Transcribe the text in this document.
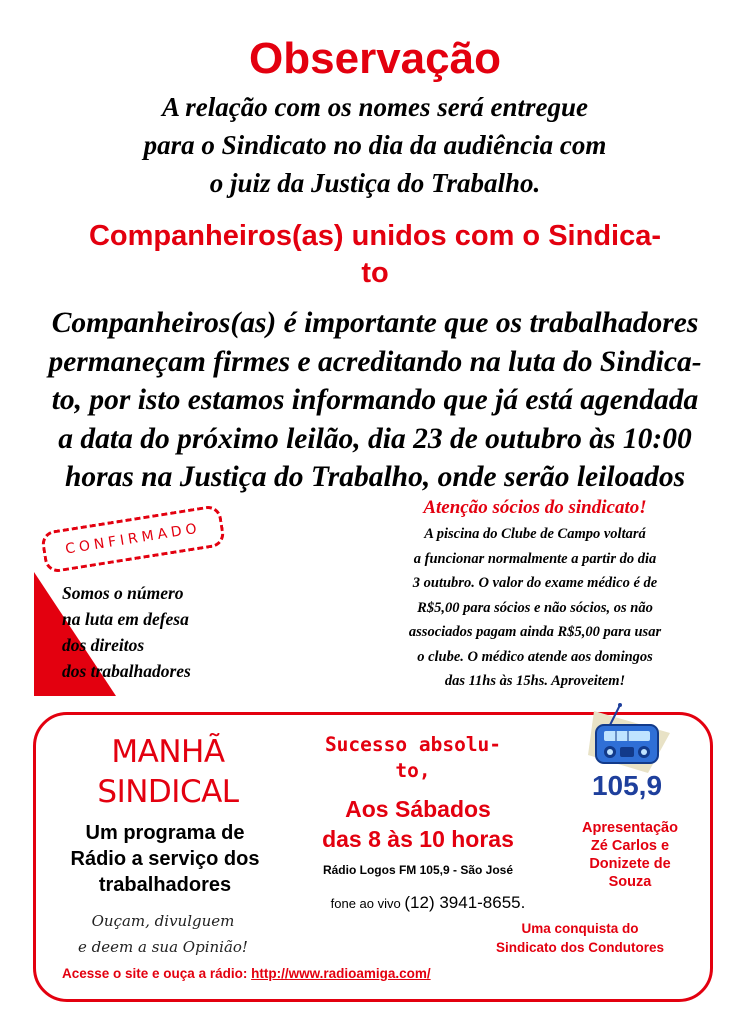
Observação
A relação com os nomes será entregue
para o Sindicato no dia da audiência com
o juiz da Justiça do Trabalho.
Companheiros(as) unidos com o Sindica-
to
Companheiros(as) é importante que os trabalhadores
permaneçam firmes e acreditando na luta do Sindica-
to, por isto estamos informando que já está agendada
a data do próximo leilão, dia 23 de outubro às 10:00
horas na Justiça do Trabalho, onde serão leiloados
CONFIRMADO
Somos o número
na luta em defesa
dos direitos
dos trabalhadores
Atenção sócios do sindicato!
A piscina do Clube de Campo voltará
a funcionar normalmente a partir do dia
3 outubro. O valor do exame médico é de
R$5,00 para sócios e não sócios, os não
associados pagam ainda R$5,00 para usar
o clube. O médico atende aos domingos
das 11hs às 15hs. Aproveitem!
MANHÃ
SINDICAL
Um programa de
Rádio a serviço dos
trabalhadores
Ouçam, divulguem
e deem a sua Opinião!
Acesse o site e ouça a rádio: http://www.radioamiga.com/
Sucesso absolu-
to,
Aos Sábados
das 8 às 10 horas
Rádio Logos FM 105,9 - São José
fone ao vivo (12) 3941-8655.
105,9
Apresentação
Zé Carlos e
Donizete de
Souza
Uma conquista do
Sindicato dos Condutores
